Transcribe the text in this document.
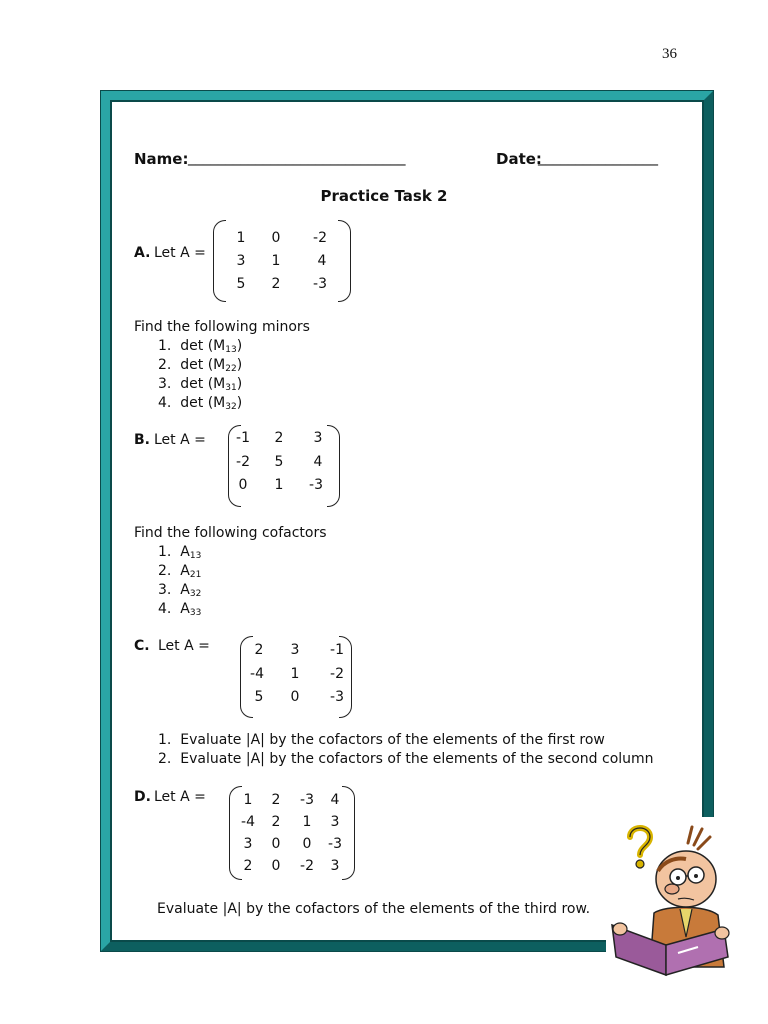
36
Name: _____________________________	Date:
________________
Practice Task 2
A. Let A =
1	0	-2
3	1	4
5	2	-3
Find the following minors
1. $\det (M_{13})$
2. $\det (M_{22})$
3. $\det (M_{31})$
4. $\det (M_{32})$
B. Let A =	-1	2	3
-2	5	4
0	1	-3
Find the following cofactors
1. $A_{13}$
2. $A_{21}$
3. $A_{32}$
4. $A_{33}$
C. Let A =	2	3	-1
-4	1	-2
5	0	-3
1. Evaluate |A| by the cofactors of the elements of the first row
2. Evaluate |A| by the cofactors of the elements of the second column
D. Let A =	1	2	-3	4
-4	2	1	3
3	0	0	-3
2	0	-2	3
Evaluate |A| by the cofactors of the elements of the third row.
